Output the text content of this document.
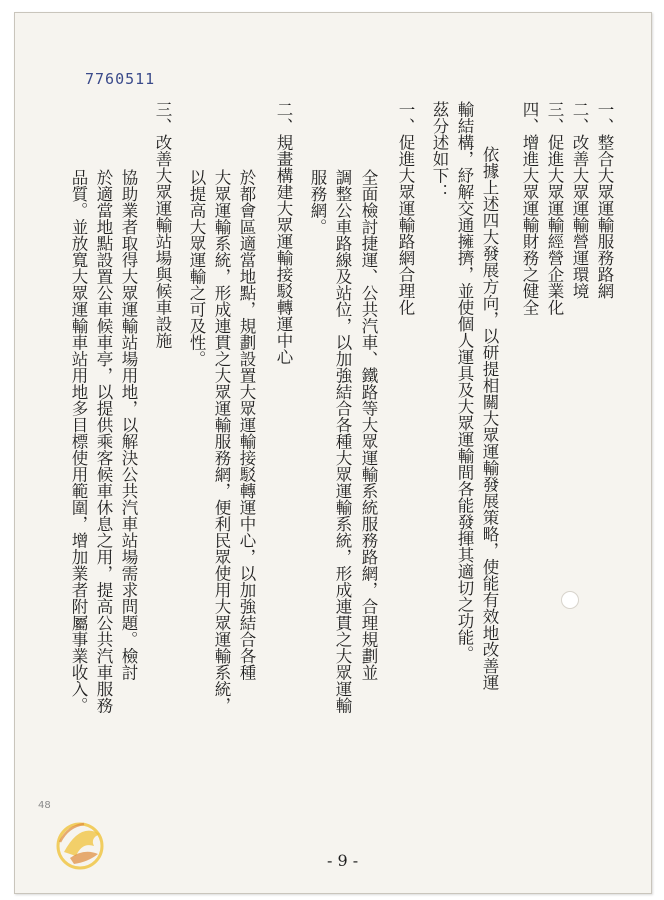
7760511
一、整合大眾運輸服務路網
二、改善大眾運輸營運環境
三、促進大眾運輸經營企業化
四、增進大眾運輸財務之健全
依據上述四大發展方向，以研提相關大眾運輸發展策略，使能有效地改善運
輸結構，紓解交通擁擠，並使個人運具及大眾運輸間各能發揮其適切之功能。
茲分述如下：
一、促進大眾運輸路網合理化
全面檢討捷運、公共汽車、鐵路等大眾運輸系統服務路網，合理規劃並
調整公車路線及站位，以加強結合各種大眾運輸系統，形成連貫之大眾運輸
服務網。
二、規畫構建大眾運輸接駁轉運中心
於都會區適當地點，規劃設置大眾運輸接駁轉運中心，以加強結合各種
大眾運輸系統，形成連貫之大眾運輸服務網，便利民眾使用大眾運輸系統，
以提高大眾運輸之可及性。
三、改善大眾運輸站場與候車設施
協助業者取得大眾運輸站場用地，以解決公共汽車站場需求問題。檢討
於適當地點設置公車候車亭，以提供乘客候車休息之用，提高公共汽車服務
品質。並放寬大眾運輸車站用地多目標使用範圍，增加業者附屬事業收入。
- 9 -
48
